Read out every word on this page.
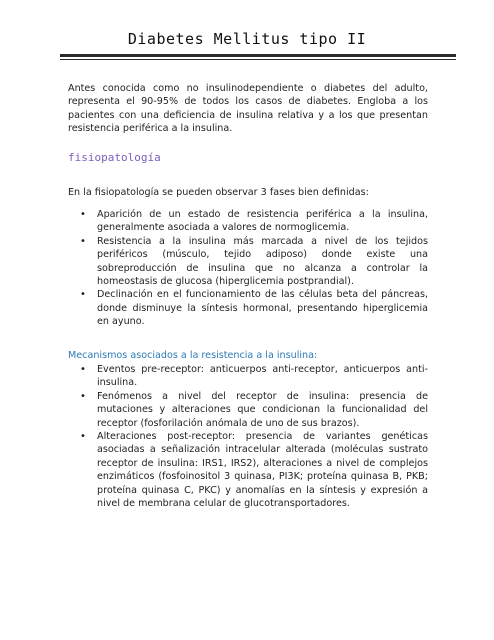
Diabetes Mellitus tipo II

Antes conocida como no insulinodependiente o diabetes del adulto, representa el 90-95% de todos los casos de diabetes. Engloba a los pacientes con una deficiencia de insulina relativa y a los que presentan resistencia periférica a la insulina.

fisiopatología

En la fisiopatología se pueden observar 3 fases bien definidas:

• Aparición de un estado de resistencia periférica a la insulina, generalmente asociada a valores de normoglicemia.
• Resistencia a la insulina más marcada a nivel de los tejidos periféricos (músculo, tejido adiposo) donde existe una sobreproducción de insulina que no alcanza a controlar la homeostasis de glucosa (hiperglicemia postprandial).
• Declinación en el funcionamiento de las células beta del páncreas, donde disminuye la síntesis hormonal, presentando hiperglicemia en ayuno.
Mecanismos asociados a la resistencia a la insulina:
• Eventos pre-receptor: anticuerpos anti-receptor, anticuerpos anti-insulina.
• Fenómenos a nivel del receptor de insulina: presencia de mutaciones y alteraciones que condicionan la funcionalidad del receptor (fosforilación anómala de uno de sus brazos).
• Alteraciones post-receptor: presencia de variantes genéticas asociadas a señalización intracelular alterada (moléculas sustrato receptor de insulina: IRS1, IRS2), alteraciones a nivel de complejos enzimáticos (fosfoinositol 3 quinasa, PI3K; proteína quinasa B, PKB; proteína quinasa C, PKC) y anomalías en la síntesis y expresión a nivel de membrana celular de glucotransportadores.
